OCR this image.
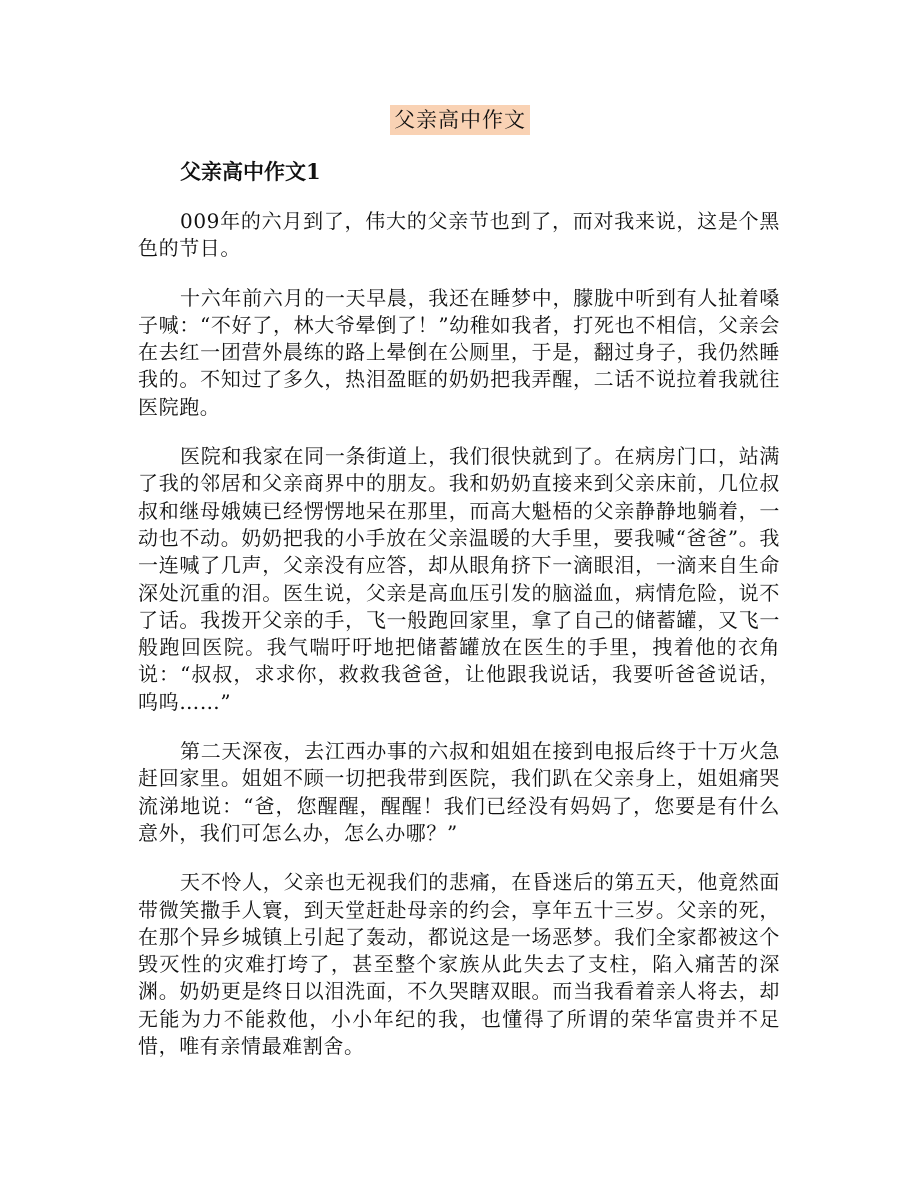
父亲高中作文
父亲高中作文1

009年的六月到了，伟大的父亲节也到了，而对我来说，这是个黑色的节日。

十六年前六月的一天早晨，我还在睡梦中，朦胧中听到有人扯着嗓子喊：“不好了，林大爷晕倒了！”幼稚如我者，打死也不相信，父亲会在去红一团营外晨练的路上晕倒在公厕里，于是，翻过身子，我仍然睡我的。不知过了多久，热泪盈眶的奶奶把我弄醒，二话不说拉着我就往医院跑。

医院和我家在同一条街道上，我们很快就到了。在病房门口，站满了我的邻居和父亲商界中的朋友。我和奶奶直接来到父亲床前，几位叔叔和继母娥姨已经愣愣地呆在那里，而高大魁梧的父亲静静地躺着，一动也不动。奶奶把我的小手放在父亲温暖的大手里，要我喊“爸爸”。我一连喊了几声，父亲没有应答，却从眼角挤下一滴眼泪，一滴来自生命深处沉重的泪。医生说，父亲是高血压引发的脑溢血，病情危险，说不了话。我拨开父亲的手，飞一般跑回家里，拿了自己的储蓄罐，又飞一般跑回医院。我气喘吁吁地把储蓄罐放在医生的手里，拽着他的衣角说：“叔叔，求求你，救救我爸爸，让他跟我说话，我要听爸爸说话，呜呜……”

第二天深夜，去江西办事的六叔和姐姐在接到电报后终于十万火急赶回家里。姐姐不顾一切把我带到医院，我们趴在父亲身上，姐姐痛哭流涕地说：“爸，您醒醒，醒醒！我们已经没有妈妈了，您要是有什么意外，我们可怎么办，怎么办哪？”

天不怜人，父亲也无视我们的悲痛，在昏迷后的第五天，他竟然面带微笑撒手人寰，到天堂赶赴母亲的约会，享年五十三岁。父亲的死，在那个异乡城镇上引起了轰动，都说这是一场恶梦。我们全家都被这个毁灭性的灾难打垮了，甚至整个家族从此失去了支柱，陷入痛苦的深渊。奶奶更是终日以泪洗面，不久哭瞎双眼。而当我看着亲人将去，却无能为力不能救他，小小年纪的我，也懂得了所谓的荣华富贵并不足惜，唯有亲情最难割舍。
